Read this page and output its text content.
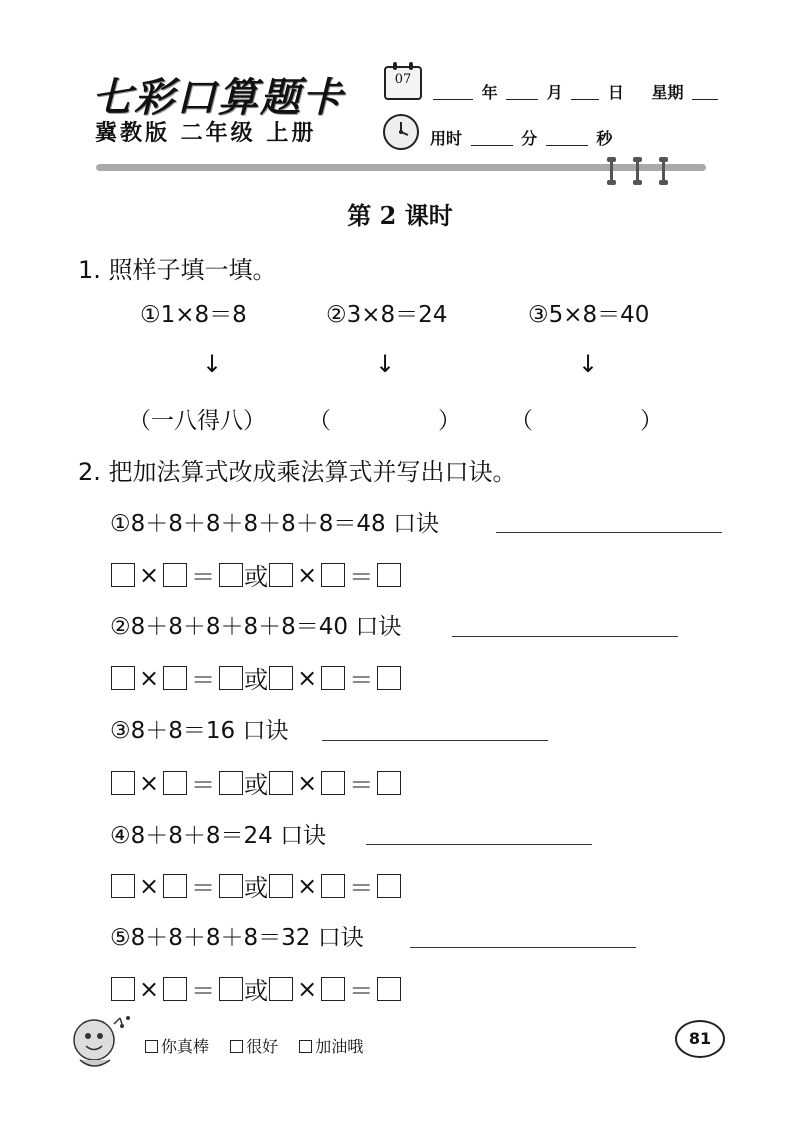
七彩口算题卡
冀教版 二年级 上册
07
年	月	日 星期
用时	分	秒
第 2 课时
1. 照样子填一填。
①1×8＝8	②3×8＝24	③5×8＝40
↓	↓	↓
（一八得八） （	） （	）
2. 把加法算式改成乘法算式并写出口诀。
①8＋8＋8＋8＋8＋8＝48 口诀
× ＝ 或 × ＝
②8＋8＋8＋8＋8＝40 口诀
× ＝ 或 × ＝
③8＋8＝16 口诀
× ＝ 或 × ＝
④8＋8＋8＝24 口诀
× ＝ 或 × ＝
⑤8＋8＋8＋8＝32 口诀
× ＝ 或 × ＝
你真棒 很好 加油哦	81
